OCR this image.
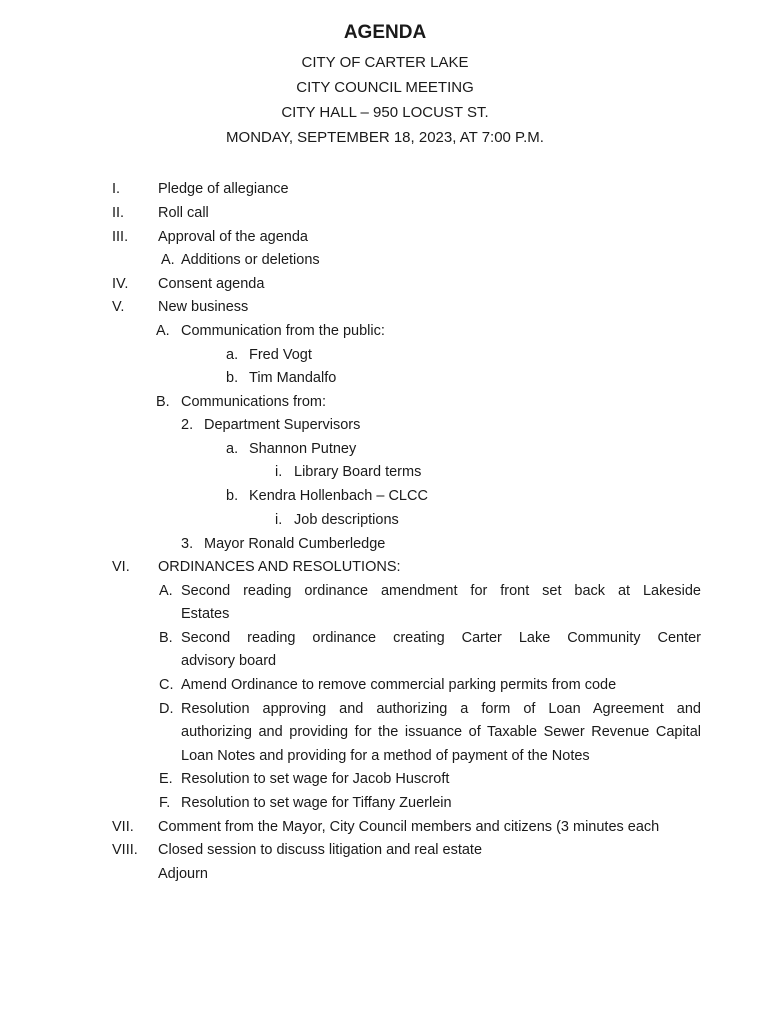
AGENDA
CITY OF CARTER LAKE
CITY COUNCIL MEETING
CITY HALL – 950 LOCUST ST.
MONDAY, SEPTEMBER 18, 2023, AT 7:00 P.M.
I.	Pledge of allegiance
II. Roll call
III. Approval of the agenda
A. Additions or deletions
IV. Consent agenda
V. New business
A. Communication from the public:
a. Fred Vogt
b. Tim Mandalfo
B. Communications from:
2. Department Supervisors
a. Shannon Putney
i. Library Board terms
b. Kendra Hollenbach – CLCC
i. Job descriptions
3. Mayor Ronald Cumberledge
VI. ORDINANCES AND RESOLUTIONS:
A. Second reading ordinance amendment for front set back at Lakeside
Estates
B. Second reading ordinance creating Carter Lake Community Center
advisory board
C. Amend Ordinance to remove commercial parking permits from code
D. Resolution approving and authorizing a form of Loan Agreement and
authorizing and providing for the issuance of Taxable Sewer Revenue Capital
Loan Notes and providing for a method of payment of the Notes
E. Resolution to set wage for Jacob Huscroft
F. Resolution to set wage for Tiffany Zuerlein
VII. Comment from the Mayor, City Council members and citizens (3 minutes each
VIII. Closed session to discuss litigation and real estate
Adjourn
